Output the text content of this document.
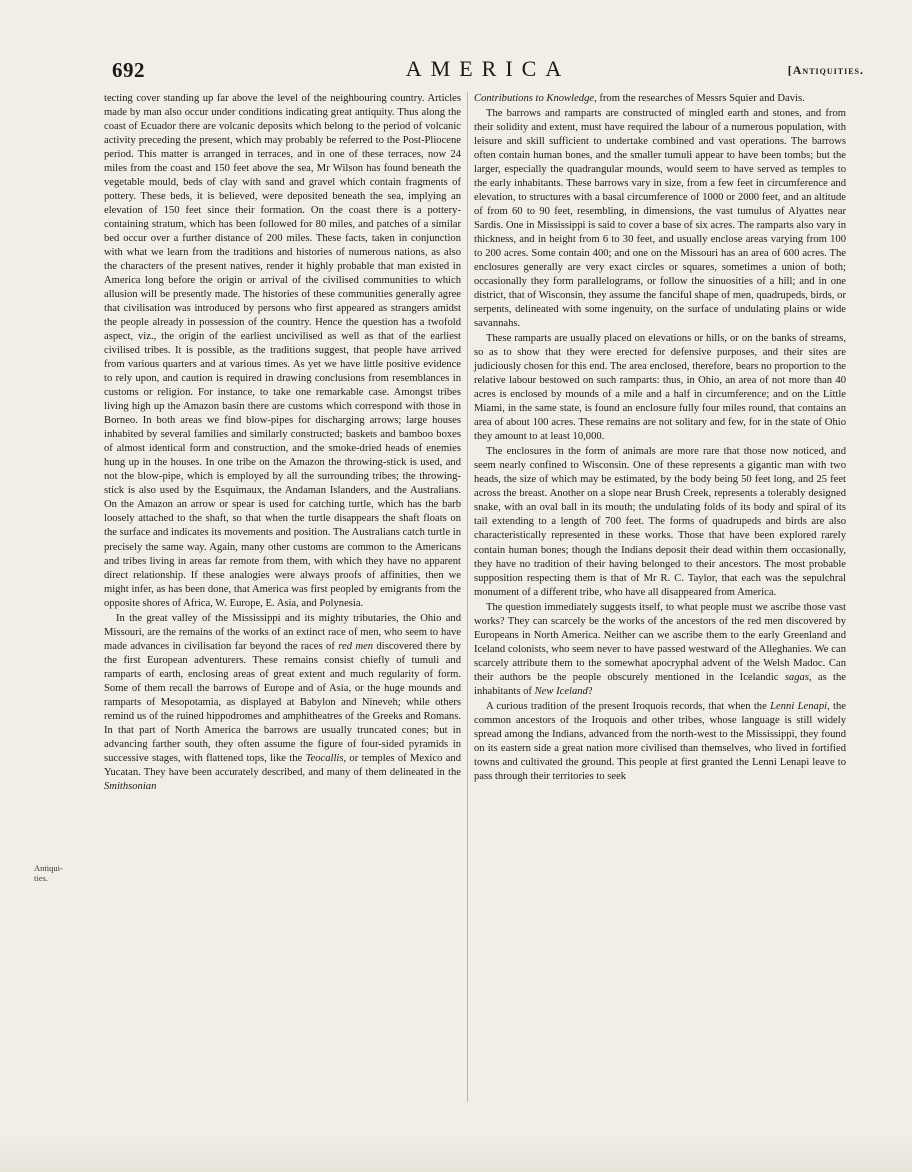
692	AMERICA	[Antiquities.
Antiqui-
ties.

tecting cover standing up far above the level of the neighbouring country. Articles made by man also occur under conditions indicating great antiquity. Thus along the coast of Ecuador there are volcanic deposits which belong to the period of volcanic activity preceding the present, which may probably be referred to the Post-Pliocene period. This matter is arranged in terraces, and in one of these terraces, now 24 miles from the coast and 150 feet above the sea, Mr Wilson has found beneath the vegetable mould, beds of clay with sand and gravel which contain fragments of pottery. These beds, it is believed, were deposited beneath the sea, implying an elevation of 150 feet since their formation. On the coast there is a pottery-containing stratum, which has been followed for 80 miles, and patches of a similar bed occur over a further distance of 200 miles. These facts, taken in conjunction with what we learn from the traditions and histories of numerous nations, as also the characters of the present natives, render it highly probable that man existed in America long before the origin or arrival of the civilised communities to which allusion will be presently made. The histories of these communities generally agree that civilisation was introduced by persons who first appeared as strangers amidst the people already in possession of the country. Hence the question has a twofold aspect, viz., the origin of the earliest uncivilised as well as that of the earliest civilised tribes. It is possible, as the traditions suggest, that people have arrived from various quarters and at various times. As yet we have little positive evidence to rely upon, and caution is required in drawing conclusions from resemblances in customs or religion. For instance, to take one remarkable case. Amongst tribes living high up the Amazon basin there are customs which correspond with those in Borneo. In both areas we find blow-pipes for discharging arrows; large houses inhabited by several families and similarly constructed; baskets and bamboo boxes of almost identical form and construction, and the smoke-dried heads of enemies hung up in the houses. In one tribe on the Amazon the throwing-stick is used, and not the blow-pipe, which is employed by all the surrounding tribes; the throwing-stick is also used by the Esquimaux, the Andaman Islanders, and the Australians. On the Amazon an arrow or spear is used for catching turtle, which has the barb loosely attached to the shaft, so that when the turtle disappears the shaft floats on the surface and indicates its movements and position. The Australians catch turtle in precisely the same way. Again, many other customs are common to the Americans and tribes living in areas far remote from them, with which they have no apparent direct relationship. If these analogies were always proofs of affinities, then we might infer, as has been done, that America was first peopled by emigrants from the opposite shores of Africa, W. Europe, E. Asia, and Polynesia.

In the great valley of the Mississippi and its mighty tributaries, the Ohio and Missouri, are the remains of the works of an extinct race of men, who seem to have made advances in civilisation far beyond the races of red men discovered there by the first European adventurers. These remains consist chiefly of tumuli and ramparts of earth, enclosing areas of great extent and much regularity of form. Some of them recall the barrows of Europe and of Asia, or the huge mounds and ramparts of Mesopotamia, as displayed at Babylon and Nineveh; while others remind us of the ruined hippodromes and amphitheatres of the Greeks and Romans. In that part of North America the barrows are usually truncated cones; but in advancing farther south, they often assume the figure of four-sided pyramids in successive stages, with flattened tops, like the Teocallis, or temples of Mexico and Yucatan. They have been accurately described, and many of them delineated in the Smithsonian

Contributions to Knowledge, from the researches of Messrs Squier and Davis.

The barrows and ramparts are constructed of mingled earth and stones, and from their solidity and extent, must have required the labour of a numerous population, with leisure and skill sufficient to undertake combined and vast operations. The barrows often contain human bones, and the smaller tumuli appear to have been tombs; but the larger, especially the quadrangular mounds, would seem to have served as temples to the early inhabitants. These barrows vary in size, from a few feet in circumference and elevation, to structures with a basal circumference of 1000 or 2000 feet, and an altitude of from 60 to 90 feet, resembling, in dimensions, the vast tumulus of Alyattes near Sardis. One in Mississippi is said to cover a base of six acres. The ramparts also vary in thickness, and in height from 6 to 30 feet, and usually enclose areas varying from 100 to 200 acres. Some contain 400; and one on the Missouri has an area of 600 acres. The enclosures generally are very exact circles or squares, sometimes a union of both; occasionally they form parallelograms, or follow the sinuosities of a hill; and in one district, that of Wisconsin, they assume the fanciful shape of men, quadrupeds, birds, or serpents, delineated with some ingenuity, on the surface of undulating plains or wide savannahs.

These ramparts are usually placed on elevations or hills, or on the banks of streams, so as to show that they were erected for defensive purposes, and their sites are judiciously chosen for this end. The area enclosed, therefore, bears no proportion to the relative labour bestowed on such ramparts: thus, in Ohio, an area of not more than 40 acres is enclosed by mounds of a mile and a half in circumference; and on the Little Miami, in the same state, is found an enclosure fully four miles round, that contains an area of about 100 acres. These remains are not solitary and few, for in the state of Ohio they amount to at least 10,000.

The enclosures in the form of animals are more rare that those now noticed, and seem nearly confined to Wisconsin. One of these represents a gigantic man with two heads, the size of which may be estimated, by the body being 50 feet long, and 25 feet across the breast. Another on a slope near Brush Creek, represents a tolerably designed snake, with an oval ball in its mouth; the undulating folds of its body and spiral of its tail extending to a length of 700 feet. The forms of quadrupeds and birds are also characteristically represented in these works. Those that have been explored rarely contain human bones; though the Indians deposit their dead within them occasionally, they have no tradition of their having belonged to their ancestors. The most probable supposition respecting them is that of Mr R. C. Taylor, that each was the sepulchral monument of a different tribe, who have all disappeared from America.

The question immediately suggests itself, to what people must we ascribe those vast works? They can scarcely be the works of the ancestors of the red men discovered by Europeans in North America. Neither can we ascribe them to the early Greenland and Iceland colonists, who seem never to have passed westward of the Alleghanies. We can scarcely attribute them to the somewhat apocryphal advent of the Welsh Madoc. Can their authors be the people obscurely mentioned in the Icelandic sagas, as the inhabitants of New Iceland?

A curious tradition of the present Iroquois records, that when the Lenni Lenapi, the common ancestors of the Iroquois and other tribes, whose language is still widely spread among the Indians, advanced from the north-west to the Mississippi, they found on its eastern side a great nation more civilised than themselves, who lived in fortified towns and cultivated the ground. This people at first granted the Lenni Lenapi leave to pass through their territories to seek
